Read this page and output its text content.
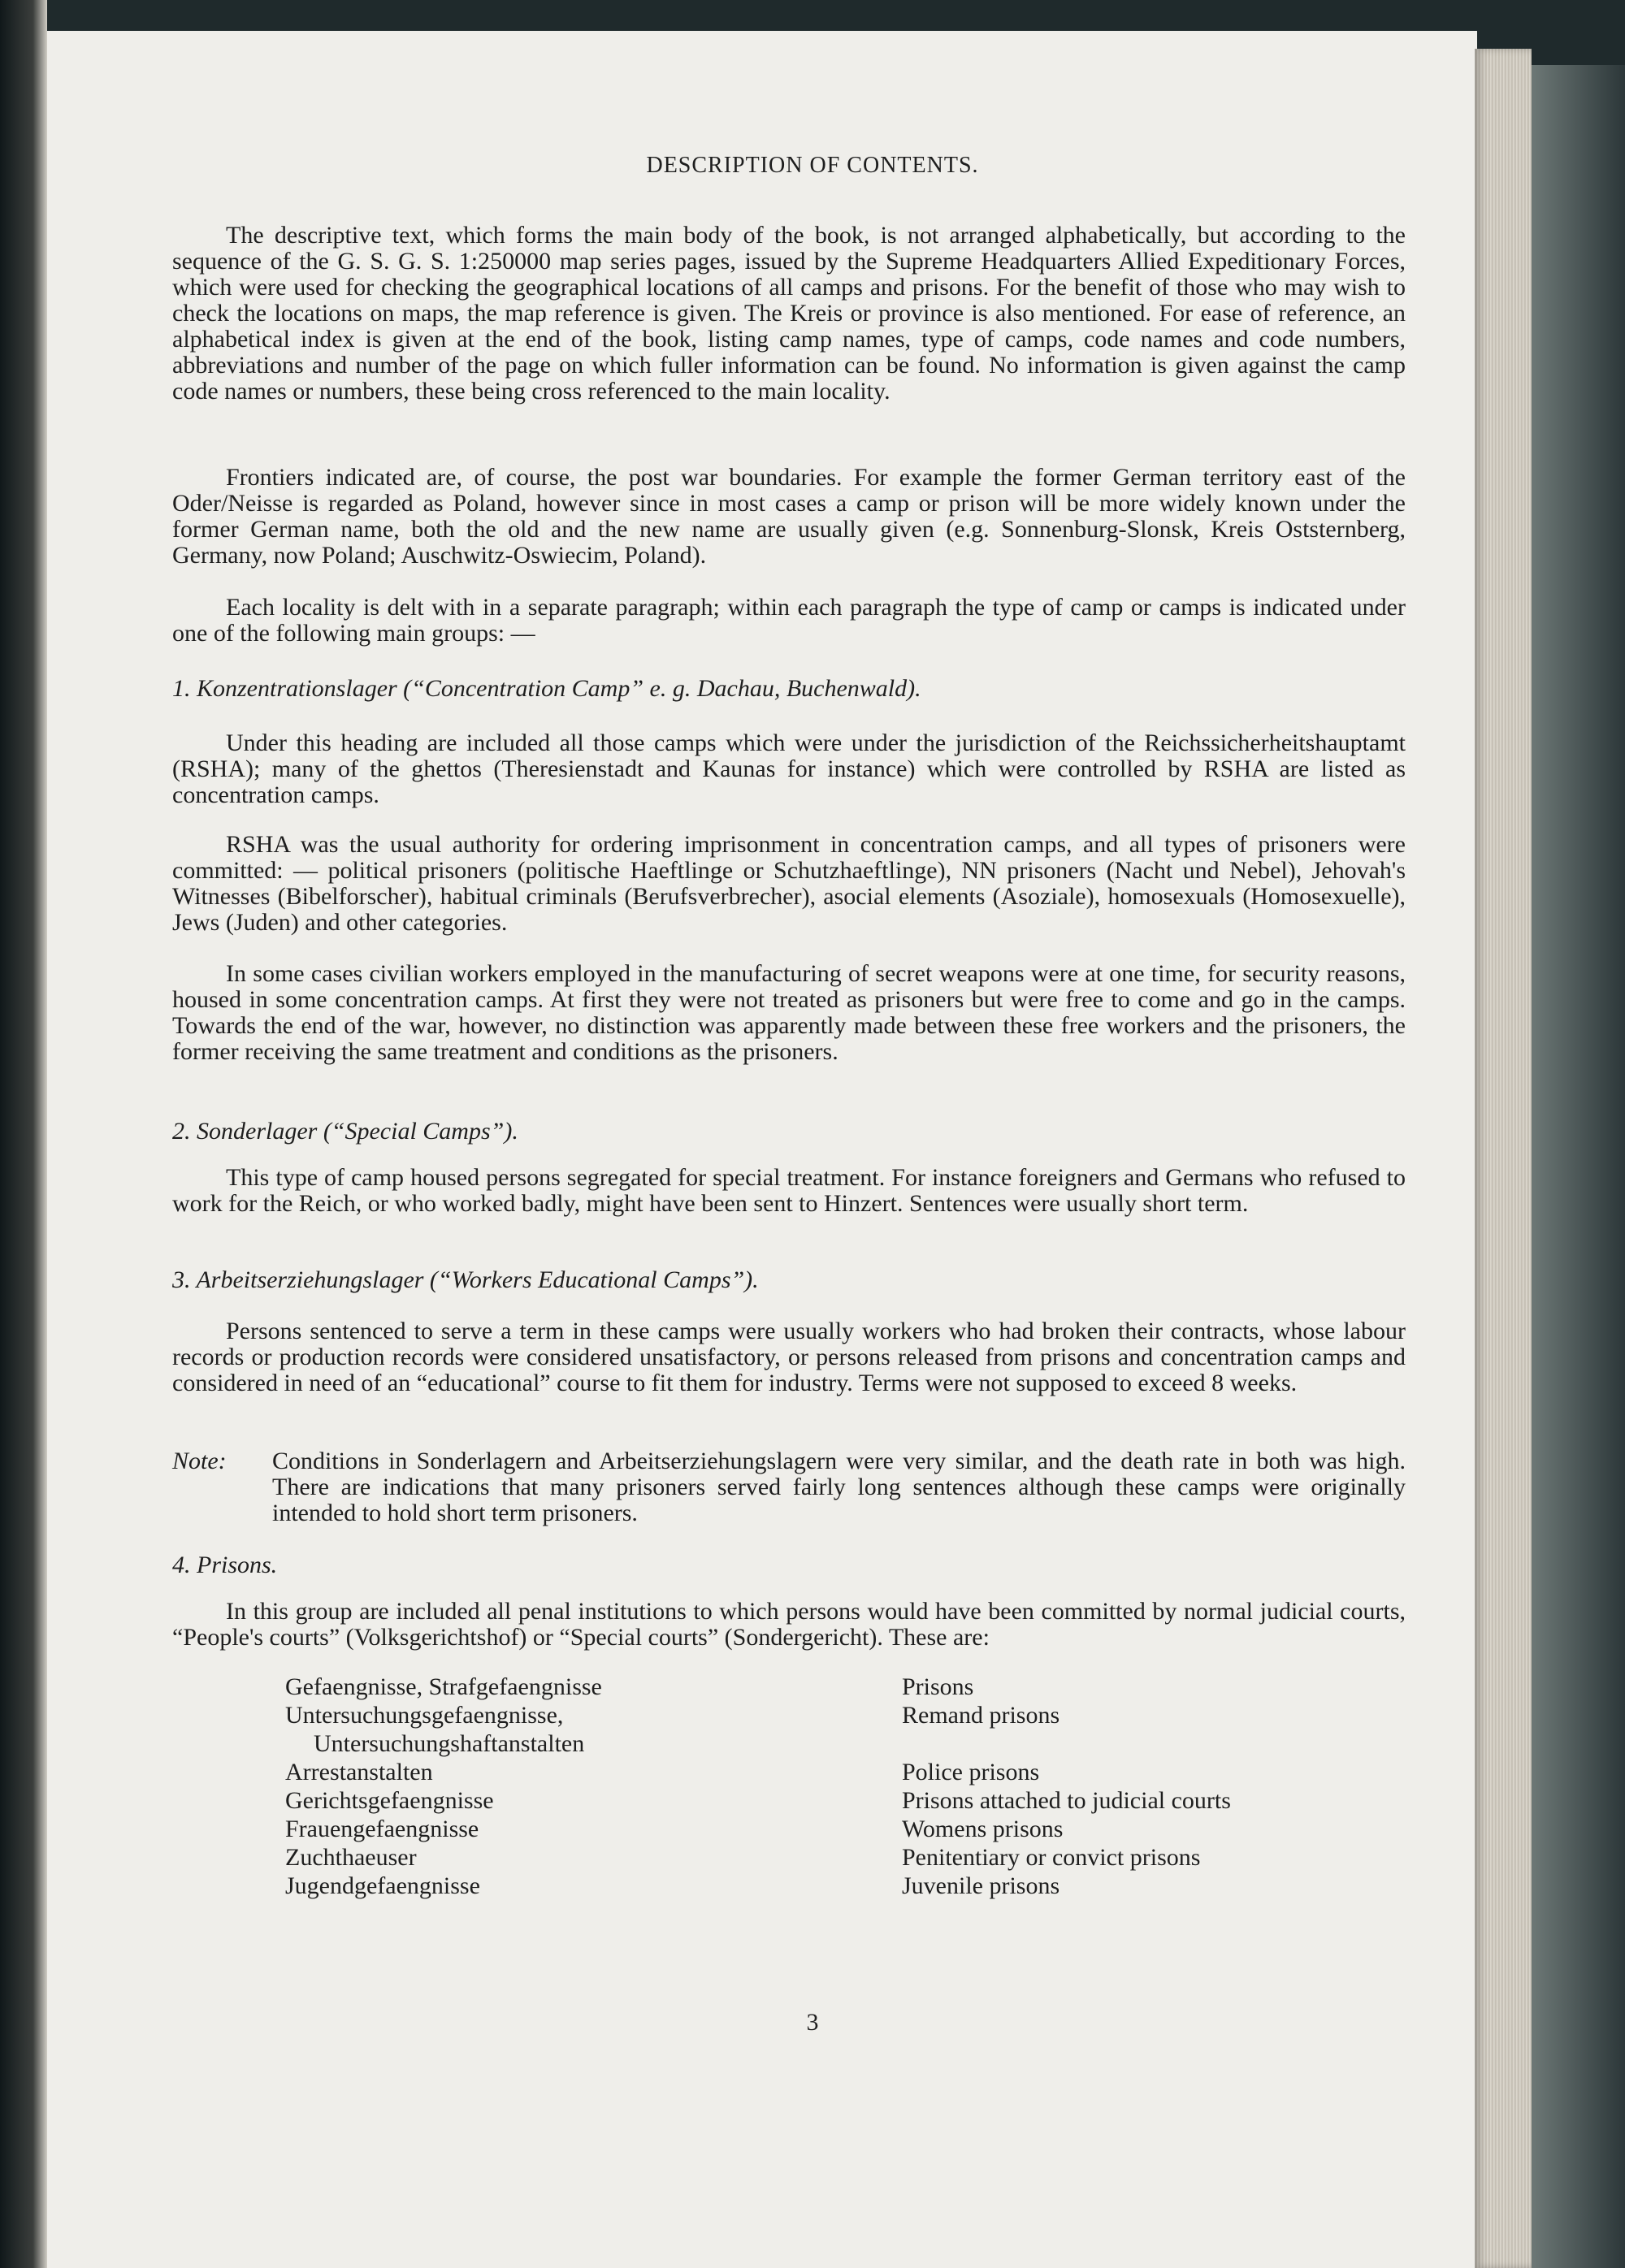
DESCRIPTION OF CONTENTS.
The descriptive text, which forms the main body of the book, is not arranged alphabetically, but according to the sequence of the G. S. G. S. 1:250000 map series pages, issued by the Supreme Headquarters Allied Expeditionary Forces, which were used for checking the geographical locations of all camps and prisons. For the benefit of those who may wish to check the locations on maps, the map reference is given. The Kreis or province is also mentioned. For ease of reference, an alphabetical index is given at the end of the book, listing camp names, type of camps, code names and code numbers, abbreviations and number of the page on which fuller information can be found. No information is given against the camp code names or numbers, these being cross referenced to the main locality.
Frontiers indicated are, of course, the post war boundaries. For example the former German territory east of the Oder/Neisse is regarded as Poland, however since in most cases a camp or prison will be more widely known under the former German name, both the old and the new name are usually given (e.g. Sonnenburg-Slonsk, Kreis Oststernberg, Germany, now Poland; Auschwitz-Oswiecim, Poland).
Each locality is delt with in a separate paragraph; within each paragraph the type of camp or camps is indicated under one of the following main groups: —
1. Konzentrationslager (“Concentration Camp” e. g. Dachau, Buchenwald).
Under this heading are included all those camps which were under the jurisdiction of the Reichssicherheitshauptamt (RSHA); many of the ghettos (Theresienstadt and Kaunas for instance) which were controlled by RSHA are listed as concentration camps.
RSHA was the usual authority for ordering imprisonment in concentration camps, and all types of prisoners were committed: — political prisoners (politische Haeftlinge or Schutzhaeftlinge), NN prisoners (Nacht und Nebel), Jehovah's Witnesses (Bibelforscher), habitual criminals (Berufsverbrecher), asocial elements (Asoziale), homosexuals (Homosexuelle), Jews (Juden) and other categories.
In some cases civilian workers employed in the manufacturing of secret weapons were at one time, for security reasons, housed in some concentration camps. At first they were not treated as prisoners but were free to come and go in the camps. Towards the end of the war, however, no distinction was apparently made between these free workers and the prisoners, the former receiving the same treatment and conditions as the prisoners.
2. Sonderlager (“Special Camps”).
This type of camp housed persons segregated for special treatment. For instance foreigners and Germans who refused to work for the Reich, or who worked badly, might have been sent to Hinzert. Sentences were usually short term.
3. Arbeitserziehungslager (“Workers Educational Camps”).
Persons sentenced to serve a term in these camps were usually workers who had broken their contracts, whose labour records or production records were considered unsatisfactory, or persons released from prisons and concentration camps and considered in need of an “educational” course to fit them for industry. Terms were not supposed to exceed 8 weeks.
Note: Conditions in Sonderlagern and Arbeitserziehungslagern were very similar, and the death rate in both was high. There are indications that many prisoners served fairly long sentences although these camps were originally intended to hold short term prisoners.
4. Prisons.
In this group are included all penal institutions to which persons would have been committed by normal judicial courts, “People's courts” (Volksgerichtshof) or “Special courts” (Sondergericht). These are:
Gefaengnisse, Strafgefaengnisse	Prisons
Untersuchungsgefaengnisse,	Remand prisons
Untersuchungshaftanstalten
Arrestanstalten	Police prisons
Gerichtsgefaengnisse	Prisons attached to judicial courts
Frauengefaengnisse	Womens prisons
Zuchthaeuser	Penitentiary or convict prisons
Jugendgefaengnisse	Juvenile prisons
3
